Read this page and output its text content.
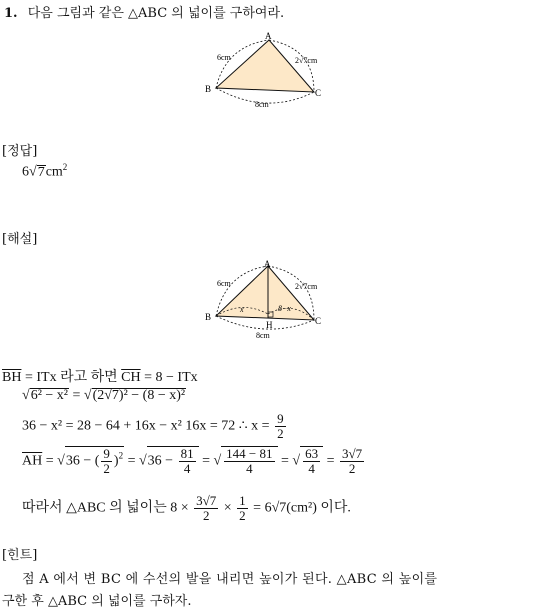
1. 다음 그림과 같은 △ABC 의 넓이를 구하여라.
A
B	C
6cm	2√7cm
8cm
[정답]
$6√7cm^2$
[해설]
A
B	C
H
6cm	2√7cm
8cm
x	8−x
$\overline{BH}$ = ITx 라고 하면 $\overline{CH} = 8$ − ITx
√6² − x² = √(2√7)² − (8 − x)²
36 − x² = 28 − 64 + 16x − x² 16x = 72 ∴ $x = \frac{9}{2}$
$\overline{AH} = √36$ − ( $\frac{9}{2} )^2 = √36 - \frac{81}{4}$ = √ $\frac{144 - 81}{4}$ = √ $\frac{63}{4} = \frac{3√7}{2}$
따라서 △ABC 의 넓이는 $8 \times \frac{3√7}{2} \times \frac{1}{2} = 6√7(cm^2)$ 이다.
[힌트]
점 A 에서 변 BC 에 수선의 발을 내리면 높이가 된다. △ABC 의 높이를
구한 후 △ABC 의 넓이를 구하자.
